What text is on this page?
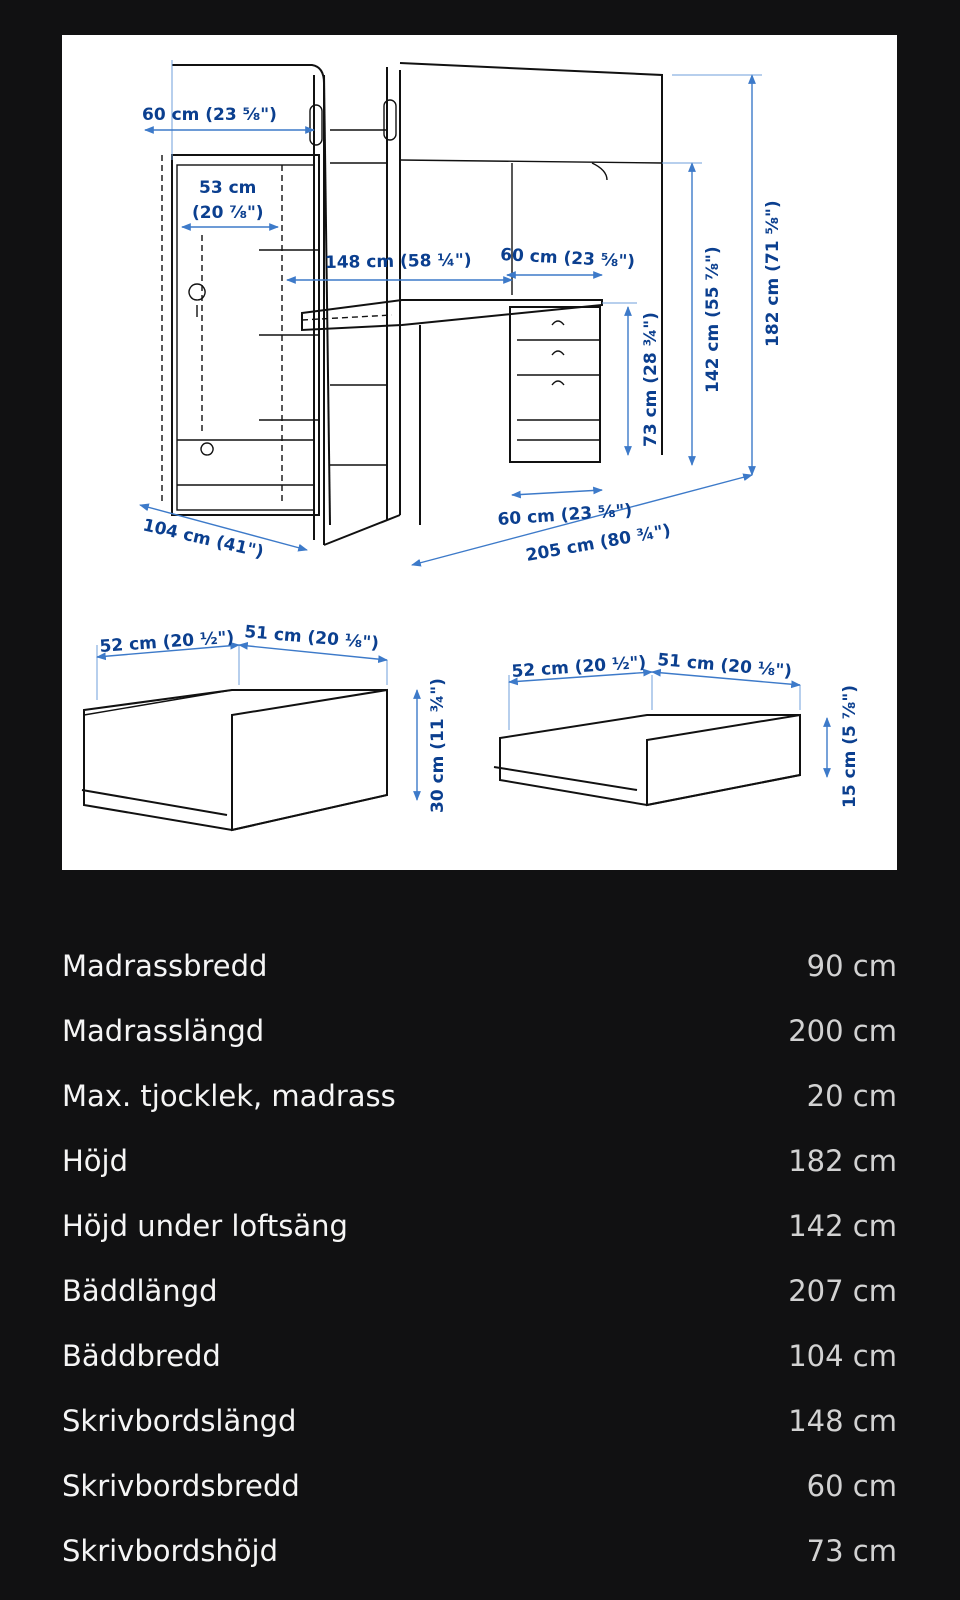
60 cm (23 ⅝")
53 cm
(20 ⅞")
148 cm (58 ¼") 60 cm (23 ⅝")
73 cm (28 ¾") 142 cm (55 ⅞") 182 cm (71 ⅝")
60 cm (23 ⅝")
205 cm (80 ¾")
104 cm (41")
52 cm (20 ½") 51 cm (20 ⅛")
30 cm (11 ¾")
52 cm (20 ½") 51 cm (20 ⅛")
15 cm (5 ⅞")
Madrassbredd	90 cm
Madrasslängd	200 cm
Max. tjocklek, madrass	20 cm
Höjd	182 cm
Höjd under loftsäng	142 cm
Bäddlängd	207 cm
Bäddbredd	104 cm
Skrivbordslängd	148 cm
Skrivbordsbredd	60 cm
Skrivbordshöjd	73 cm
